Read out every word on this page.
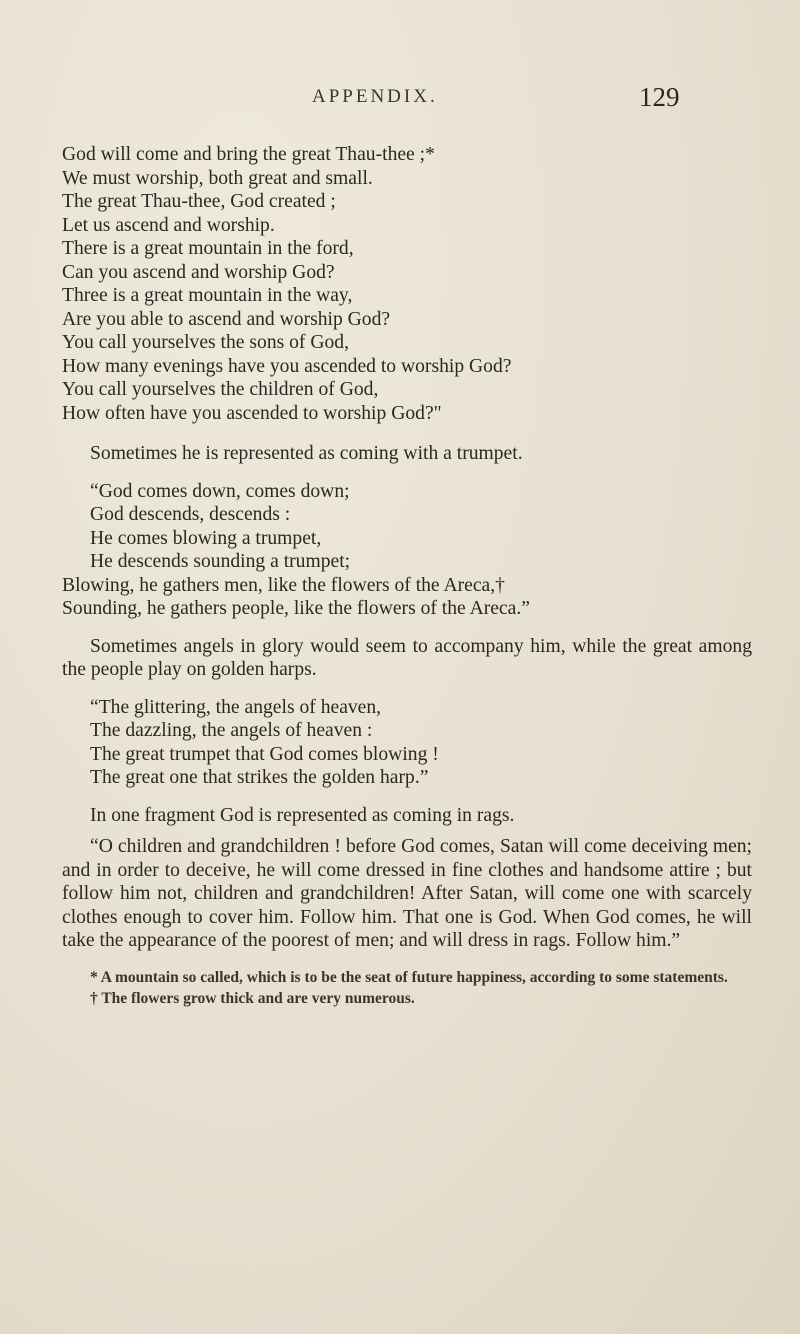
APPENDIX.	129
God will come and bring the great Thau-thee ;*
We must worship, both great and small.
The great Thau-thee, God created ;
Let us ascend and worship.
There is a great mountain in the ford,
Can you ascend and worship God?
Three is a great mountain in the way,
Are you able to ascend and worship God?
You call yourselves the sons of God,
How many evenings have you ascended to worship God?
You call yourselves the children of God,
How often have you ascended to worship God?"

Sometimes he is represented as coming with a trumpet.

“God comes down, comes down;
God descends, descends :
He comes blowing a trumpet,
He descends sounding a trumpet;
Blowing, he gathers men, like the flowers of the Areca,†
Sounding, he gathers people, like the flowers of the Areca.”

Sometimes angels in glory would seem to accompany him, while the great among the people play on golden harps.

“The glittering, the angels of heaven,
The dazzling, the angels of heaven :
The great trumpet that God comes blowing !
The great one that strikes the golden harp.”

In one fragment God is represented as coming in rags.

“O children and grandchildren ! before God comes, Satan will come deceiving men; and in order to deceive, he will come dressed in fine clothes and handsome attire ; but follow him not, children and grandchildren! After Satan, will come one with scarcely clothes enough to cover him. Follow him. That one is God. When God comes, he will take the appearance of the poorest of men; and will dress in rags. Follow him.”

* A mountain so called, which is to be the seat of future happiness, according to some statements.

† The flowers grow thick and are very numerous.
